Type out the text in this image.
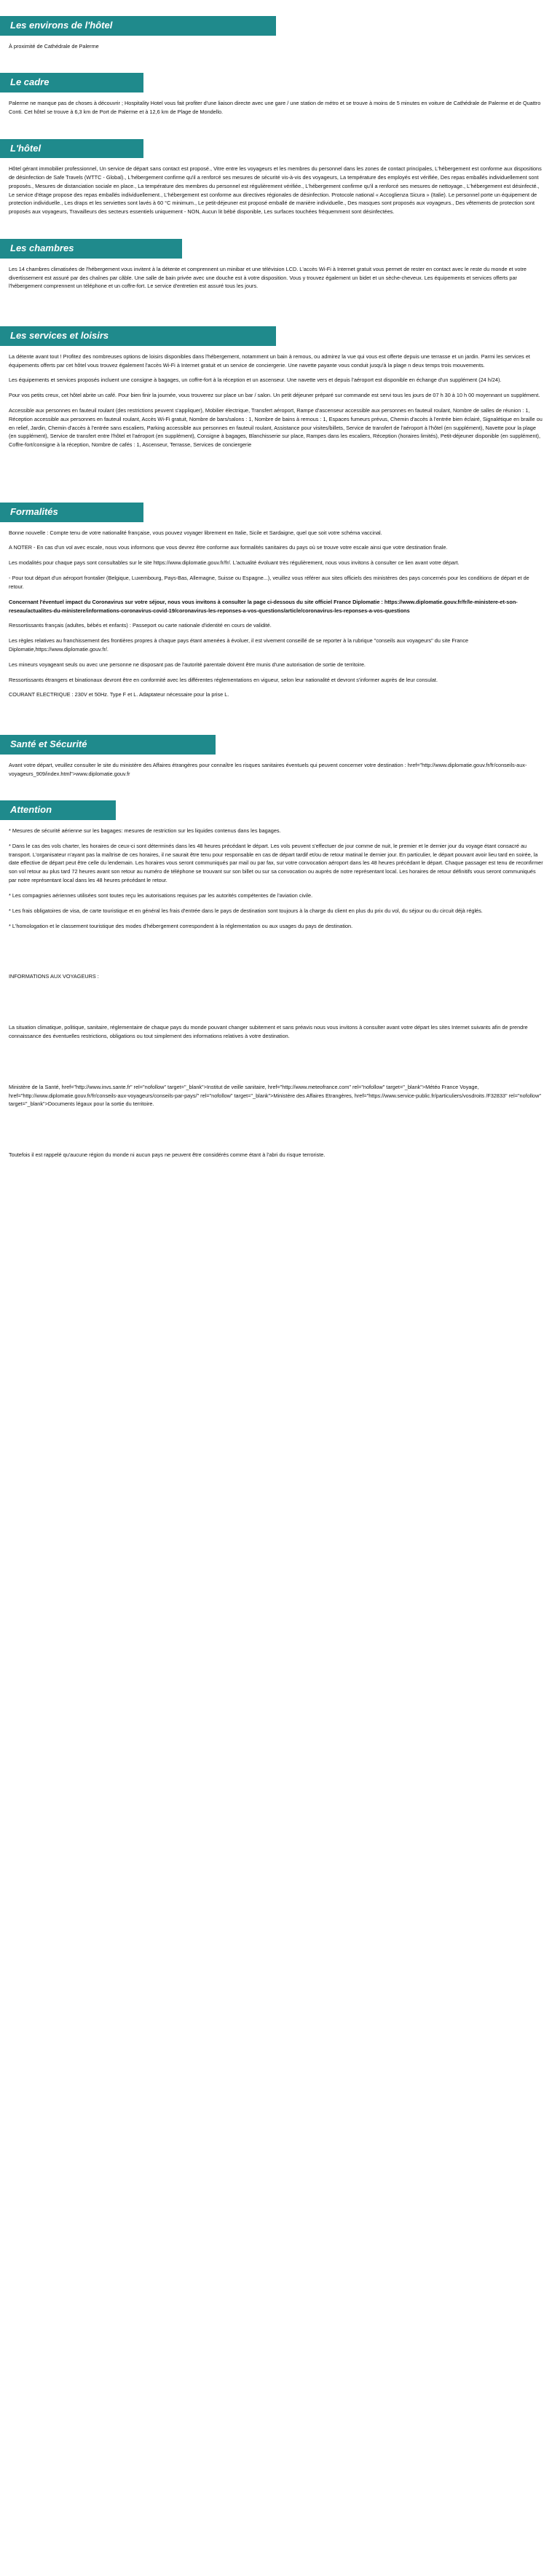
Les environs de l'hôtel

À proximité de Cathédrale de Palerme

Le cadre

Palerme ne manque pas de choses à découvrir ; Hospitality Hotel vous fait profiter d'une liaison directe avec une gare / une station de métro et se trouve à moins de 5 minutes en voiture de Cathédrale de Palerme et de Quattro Conti. Cet hôtel se trouve à 6,3 km de Port de Palerme et à 12,6 km de Plage de Mondello.

L'hôtel

Hôtel gérant immobilier professionnel, Un service de départ sans contact est proposé., Vitre entre les voyageurs et les membres du personnel dans les zones de contact principales, L'hébergement est conforme aux dispositions de désinfection de Safe Travels (WTTC - Global)., L'hébergement confirme qu'il a renforcé ses mesures de sécurité vis-à-vis des voyageurs, La température des employés est vérifiée, Des repas emballés individuellement sont proposés., Mesures de distanciation sociale en place., La température des membres du personnel est régulièrement vérifiée., L'hébergement confirme qu'il a renforcé ses mesures de nettoyage., L'hébergement est désinfecté., Le service d'étage propose des repas emballés individuellement., L'hébergement est conforme aux directives régionales de désinfection. Protocole national « Accoglienza Sicura » (Italie). Le personnel porte un équipement de protection individuelle., Les draps et les serviettes sont lavés à 60 °C minimum., Le petit-déjeuner est proposé emballé de manière individuelle., Des masques sont proposés aux voyageurs., Des vêtements de protection sont proposés aux voyageurs, Travailleurs des secteurs essentiels uniquement - NON, Aucun lit bébé disponible, Les surfaces touchées fréquemment sont désinfectées.

Les chambres

Les 14 chambres climatisées de l'hébergement vous invitent à la détente et comprennent un minibar et une télévision LCD. L'accès Wi-Fi à Internet gratuit vous permet de rester en contact avec le reste du monde et votre divertissement est assuré par des chaînes par câble. Une salle de bain privée avec une douche est à votre disposition. Vous y trouvez également un bidet et un sèche-cheveux. Les équipements et services offerts par l'hébergement comprennent un téléphone et un coffre-fort. Le service d'entretien est assuré tous les jours.

Les services et loisirs

La détente avant tout ! Profitez des nombreuses options de loisirs disponibles dans l'hébergement, notamment un bain à remous, ou admirez la vue qui vous est offerte depuis une terrasse et un jardin. Parmi les services et équipements offerts par cet hôtel vous trouvez également l'accès Wi-Fi à Internet gratuit et un service de conciergerie. Une navette payante vous conduit jusqu'à la plage n deux temps trois mouvements.

Les équipements et services proposés incluent une consigne à bagages, un coffre-fort à la réception et un ascenseur. Une navette vers et depuis l'aéroport est disponible en échange d'un supplément (24 h/24).

Pour vos petits creux, cet hôtel abrite un café. Pour bien finir la journée, vous trouverez sur place un bar / salon. Un petit déjeuner préparé sur commande est servi tous les jours de 07 h 30 à 10 h 00 moyennant un supplément.

Accessible aux personnes en fauteuil roulant (des restrictions peuvent s'appliquer), Mobilier électrique, Transfert aéroport, Rampe d'ascenseur accessible aux personnes en fauteuil roulant, Nombre de salles de réunion : 1, Réception accessible aux personnes en fauteuil roulant, Accès Wi-Fi gratuit, Nombre de bars/salons : 1, Nombre de bains à remous : 1, Espaces fumeurs prévus, Chemin d'accès à l'entrée bien éclairé, Signalétique en braille ou en relief, Jardin, Chemin d'accès à l'entrée sans escaliers, Parking accessible aux personnes en fauteuil roulant, Assistance pour visites/billets, Service de transfert de l'aéroport à l'hôtel (en supplément), Navette pour la plage (en supplément), Service de transfert entre l'hôtel et l'aéroport (en supplément), Consigne à bagages, Blanchisserie sur place, Rampes dans les escaliers, Réception (horaires limités), Petit-déjeuner disponible (en supplément), Coffre-fort/consigne à la réception, Nombre de cafés : 1, Ascenseur, Terrasse, Services de conciergerie

Formalités

Bonne nouvelle : Compte tenu de votre nationalité française, vous pouvez voyager librement en Italie, Sicile et Sardaigne, quel que soit votre schéma vaccinal.

A NOTER - En cas d'un vol avec escale, nous vous informons que vous devrez être conforme aux formalités sanitaires du pays où se trouve votre escale ainsi que votre destination finale.

Les modalités pour chaque pays sont consultables sur le site https://www.diplomatie.gouv.fr/fr/. L'actualité évoluant très régulièrement, nous vous invitons à consulter ce lien avant votre départ.

- Pour tout départ d'un aéroport frontalier (Belgique, Luxembourg, Pays-Bas, Allemagne, Suisse ou Espagne...), veuillez vous référer aux sites officiels des ministères des pays concernés pour les conditions de départ et de retour.

Concernant l'éventuel impact du Coronavirus sur votre séjour, nous vous invitons à consulter la page ci-dessous du site officiel France Diplomatie : https://www.diplomatie.gouv.fr/fr/le-ministere-et-son-reseau/actualites-du-ministere/informations-coronavirus-covid-19/coronavirus-les-reponses-a-vos-questions/article/coronavirus-les-reponses-a-vos-questions

Ressortissants français (adultes, bébés et enfants) : Passeport ou carte nationale d'identité en cours de validité.

Les règles relatives au franchissement des frontières propres à chaque pays étant amenées à évoluer, il est vivement conseillé de se reporter à la rubrique "conseils aux voyageurs" du site France Diplomatie,https://www.diplomatie.gouv.fr/.

Les mineurs voyageant seuls ou avec une personne ne disposant pas de l'autorité parentale doivent être munis d'une autorisation de sortie de territoire.

Ressortissants étrangers et binationaux devront être en conformité avec les différentes réglementations en vigueur, selon leur nationalité et devront s'informer auprès de leur consulat.

COURANT ELECTRIQUE : 230V et 50Hz. Type F et L. Adaptateur nécessaire pour la prise L.

Santé et Sécurité

Avant votre départ, veuillez consulter le site du ministère des Affaires étrangères pour connaître les risques sanitaires éventuels qui peuvent concerner votre destination : href="http://www.diplomatie.gouv.fr/fr/conseils-aux-voyageurs_909/index.html">www.diplomatie.gouv.fr

Attention

* Mesures de sécurité aérienne sur les bagages: mesures de restriction sur les liquides contenus dans les bagages.

* Dans le cas des vols charter, les horaires de ceux-ci sont déterminés dans les 48 heures précédant le départ. Les vols peuvent s'effectuer de jour comme de nuit, le premier et le dernier jour du voyage étant consacré au transport. L'organisateur n'ayant pas la maîtrise de ces horaires, il ne saurait être tenu pour responsable en cas de départ tardif et/ou de retour matinal le dernier jour. En particulier, le départ pouvant avoir lieu tard en soirée, la date effective de départ peut être celle du lendemain. Les horaires vous seront communiqués par mail ou par fax, sur votre convocation aéroport dans les 48 heures précédant le départ. Chaque passager est tenu de reconfirmer son vol retour au plus tard 72 heures avant son retour au numéro de téléphone se trouvant sur son billet ou sur sa convocation ou auprès de notre représentant local. Les horaires de retour définitifs vous seront communiqués par notre représentant local dans les 48 heures précédant le retour.

* Les compagnies aériennes utilisées sont toutes reçu les autorisations requises par les autorités compétentes de l'aviation civile.

* Les frais obligatoires de visa, de carte touristique et en général les frais d'entrée dans le pays de destination sont toujours à la charge du client en plus du prix du vol, du séjour ou du circuit déjà réglés.

* L'homologation et le classement touristique des modes d'hébergement correspondent à la réglementation ou aux usages du pays de destination.

INFORMATIONS AUX VOYAGEURS :

La situation climatique, politique, sanitaire, réglementaire de chaque pays du monde pouvant changer subitement et sans préavis nous vous invitons à consulter avant votre départ les sites Internet suivants afin de prendre connaissance des éventuelles restrictions, obligations ou tout simplement des informations relatives à votre destination.

Ministère de la Santé, href="http://www.invs.sante.fr" rel="nofollow" target="_blank">Institut de veille sanitaire, href="http://www.meteofrance.com" rel="nofollow" target="_blank">Météo France Voyage, href="http://www.diplomatie.gouv.fr/fr/conseils-aux-voyageurs/conseils-par-pays/" rel="nofollow" target="_blank">Ministère des Affaires Etrangères, href="https://www.service-public.fr/particuliers/vosdroits /F32833" rel="nofollow" target="_blank">Documents légaux pour la sortie du territoire.

Toutefois il est rappelé qu'aucune région du monde ni aucun pays ne peuvent être considérés comme étant à l'abri du risque terroriste.
